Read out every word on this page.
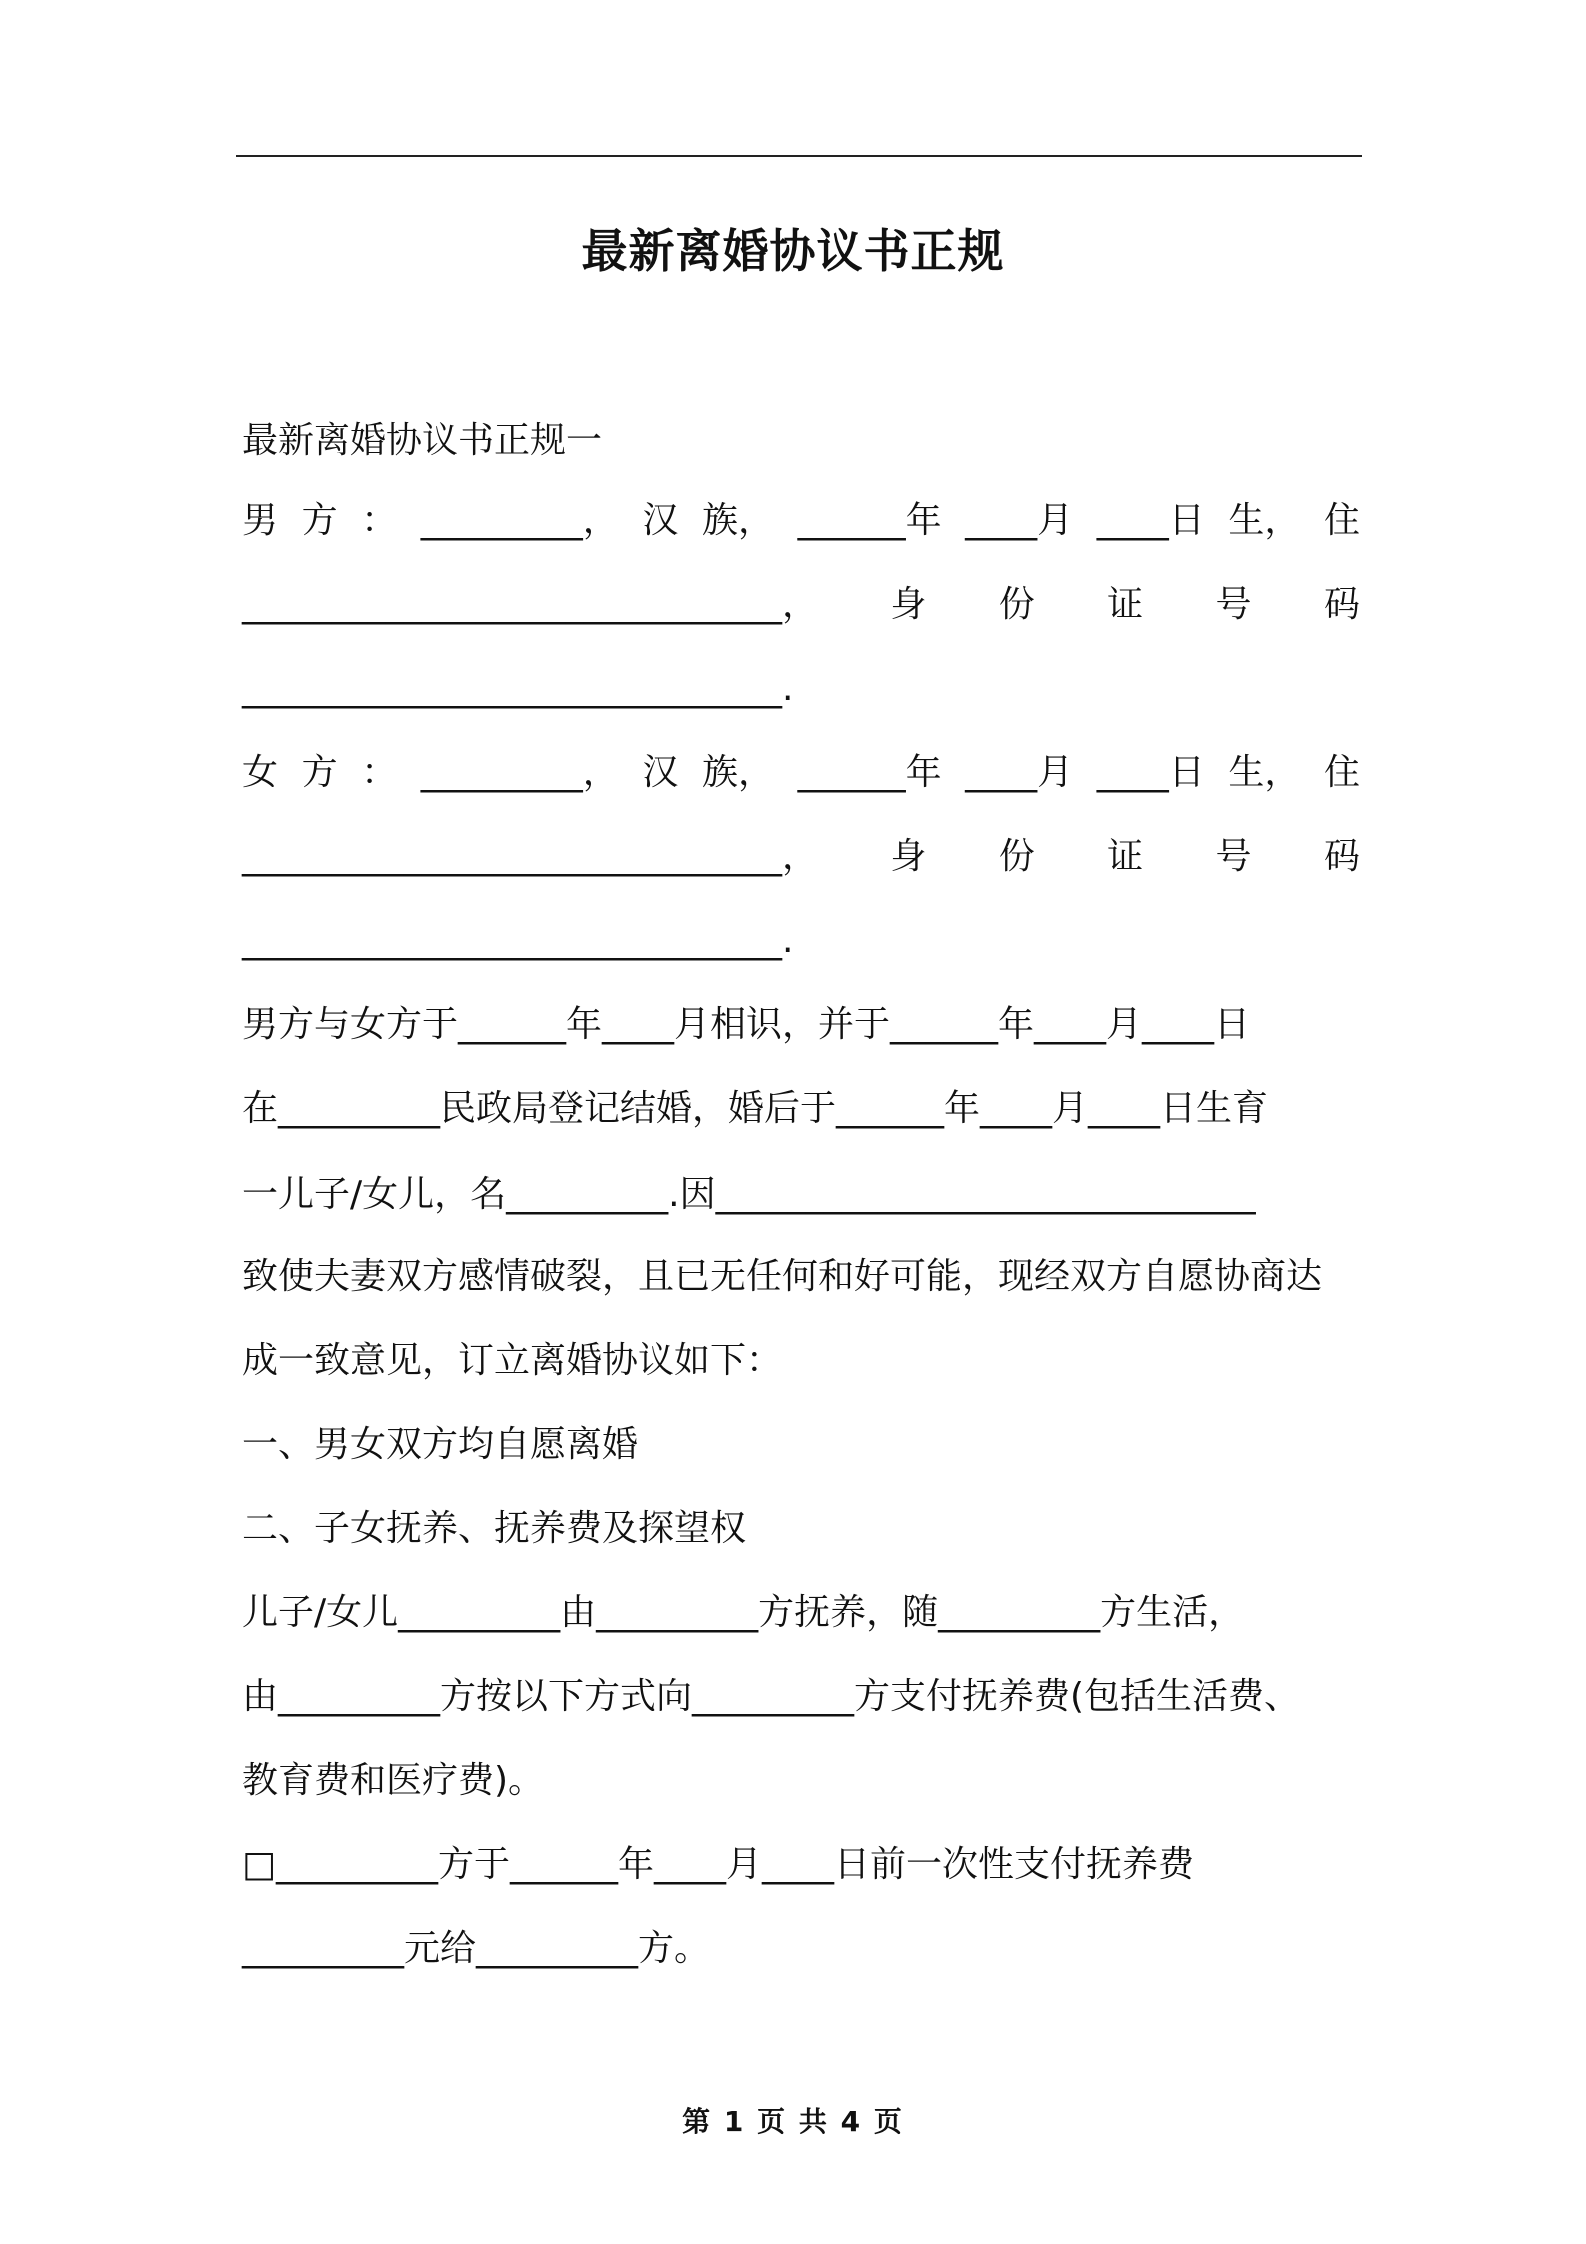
最新离婚协议书正规
最新离婚协议书正规一
男 方 ： _________， 汉 族， ______年 ____月 ____日 生， 住
______________________________， 身 份 证 号 码
______________________________.
女 方 ： _________， 汉 族， ______年 ____月 ____日 生， 住
______________________________， 身 份 证 号 码
______________________________.
男方与女方于______年____月相识，并于______年____月____日
在_________民政局登记结婚，婚后于______年____月____日生育
一儿子/女儿，名_________.因______________________________
致使夫妻双方感情破裂，且已无任何和好可能，现经双方自愿协商达
成一致意见，订立离婚协议如下：
一、男女双方均自愿离婚
二、子女抚养、抚养费及探望权
儿子/女儿_________由_________方抚养，随_________方生活，
由_________方按以下方式向_________方支付抚养费(包括生活费、
教育费和医疗费)。
□_________方于______年____月____日前一次性支付抚养费
_________元给_________方。
第 1 页 共 4 页
